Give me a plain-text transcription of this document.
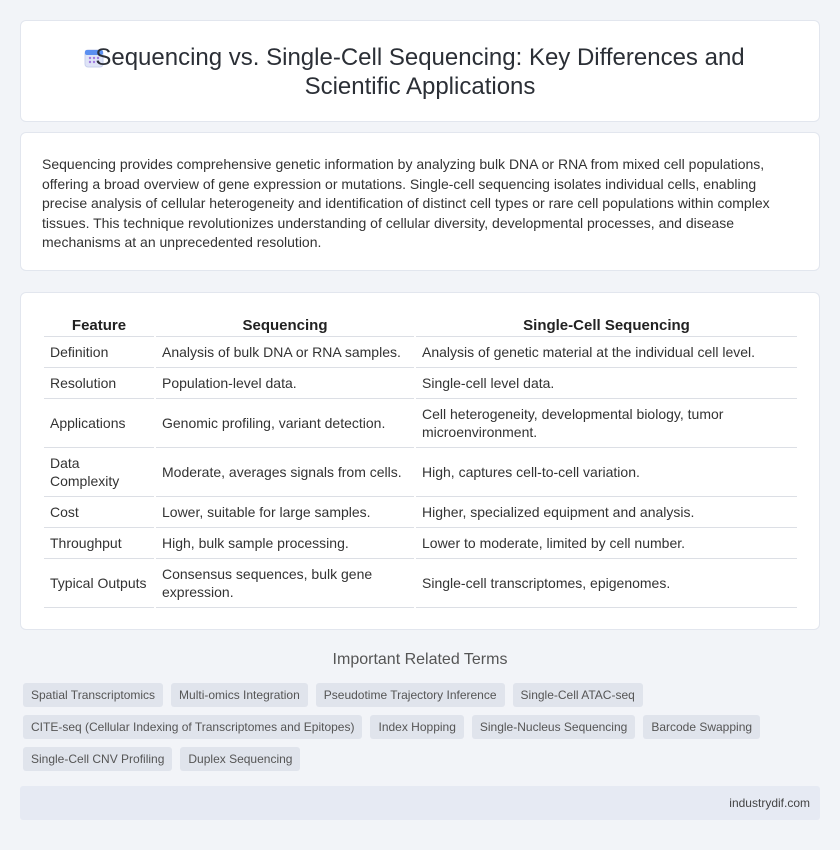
Sequencing vs. Single-Cell Sequencing: Key Differences and Scientific Applications

Sequencing provides comprehensive genetic information by analyzing bulk DNA or RNA from mixed cell populations, offering a broad overview of gene expression or mutations. Single-cell sequencing isolates individual cells, enabling precise analysis of cellular heterogeneity and identification of distinct cell types or rare cell populations within complex tissues. This technique revolutionizes understanding of cellular diversity, developmental processes, and disease mechanisms at an unprecedented resolution.

Feature	Sequencing	Single-Cell Sequencing
Definition	Analysis of bulk DNA or RNA samples.	Analysis of genetic material at the individual cell level.
Resolution	Population-level data.	Single-cell level data.
Applications	Genomic profiling, variant detection.	Cell heterogeneity, developmental biology, tumor microenvironment.
Data Complexity	Moderate, averages signals from cells.	High, captures cell-to-cell variation.
Cost	Lower, suitable for large samples.	Higher, specialized equipment and analysis.
Throughput	High, bulk sample processing.	Lower to moderate, limited by cell number.
Typical Outputs	Consensus sequences, bulk gene expression.	Single-cell transcriptomes, epigenomes.
Important Related Terms
Spatial Transcriptomics	Multi-omics Integration	Pseudotime Trajectory Inference	Single-Cell ATAC-seq
CITE-seq (Cellular Indexing of Transcriptomes and Epitopes)	Index Hopping	Single-Nucleus Sequencing	Barcode Swapping
Single-Cell CNV Profiling	Duplex Sequencing
industrydif.com
